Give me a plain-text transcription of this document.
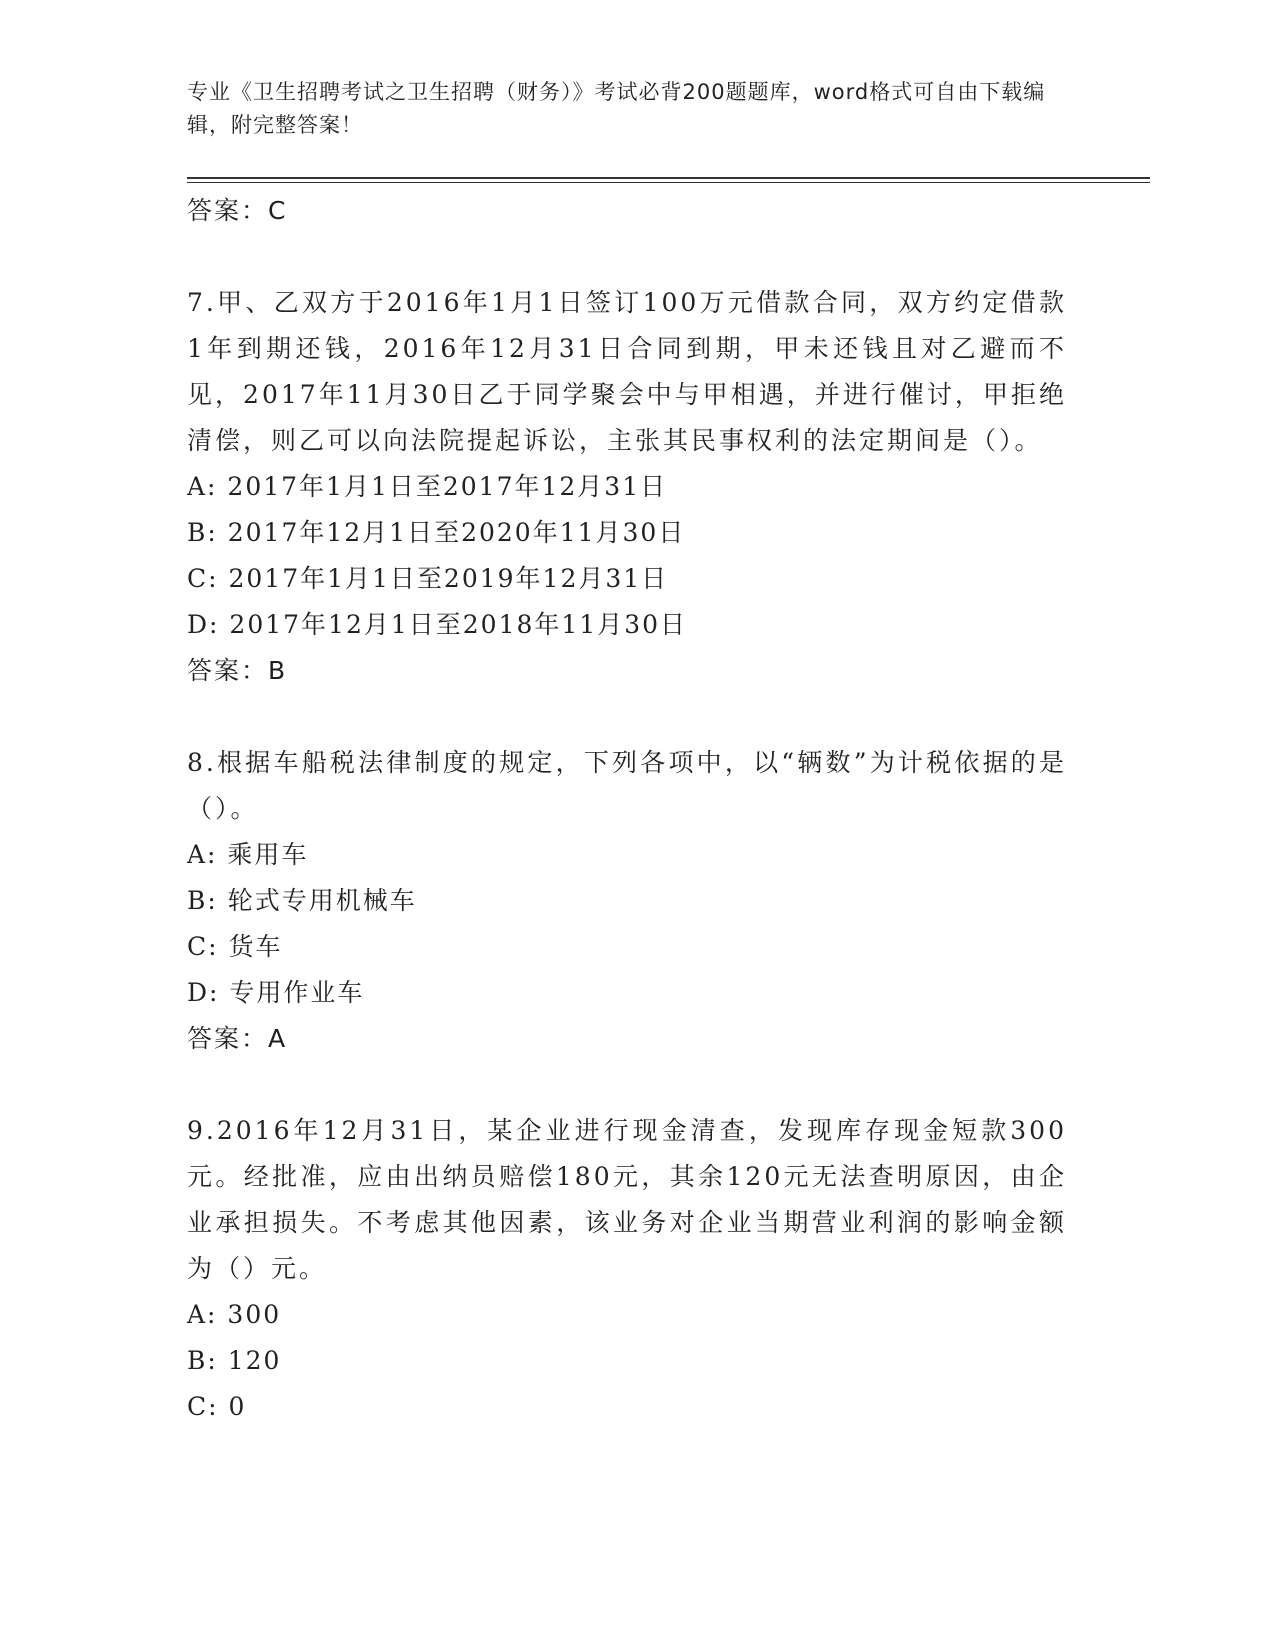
专业《卫生招聘考试之卫生招聘（财务）》考试必背200题题库，word格式可自由下载编辑，附完整答案！

答案：C

7.甲、乙双方于2016年1月1日签订100万元借款合同，双方约定借款1年到期还钱，2016年12月31日合同到期，甲未还钱且对乙避而不见，2017年11月30日乙于同学聚会中与甲相遇，并进行催讨，甲拒绝清偿，则乙可以向法院提起诉讼，主张其民事权利的法定期间是（）。

A: 2017年1月1日至2017年12月31日

B: 2017年12月1日至2020年11月30日

C: 2017年1月1日至2019年12月31日

D: 2017年12月1日至2018年11月30日

答案：B

8.根据车船税法律制度的规定，下列各项中，以“辆数”为计税依据的是（）。

A: 乘用车

B: 轮式专用机械车

C: 货车

D: 专用作业车

答案：A

9.2016年12月31日，某企业进行现金清查，发现库存现金短款300元。经批准，应由出纳员赔偿180元，其余120元无法查明原因，由企业承担损失。不考虑其他因素，该业务对企业当期营业利润的影响金额为（）元。

A: 300

B: 120

C: 0
